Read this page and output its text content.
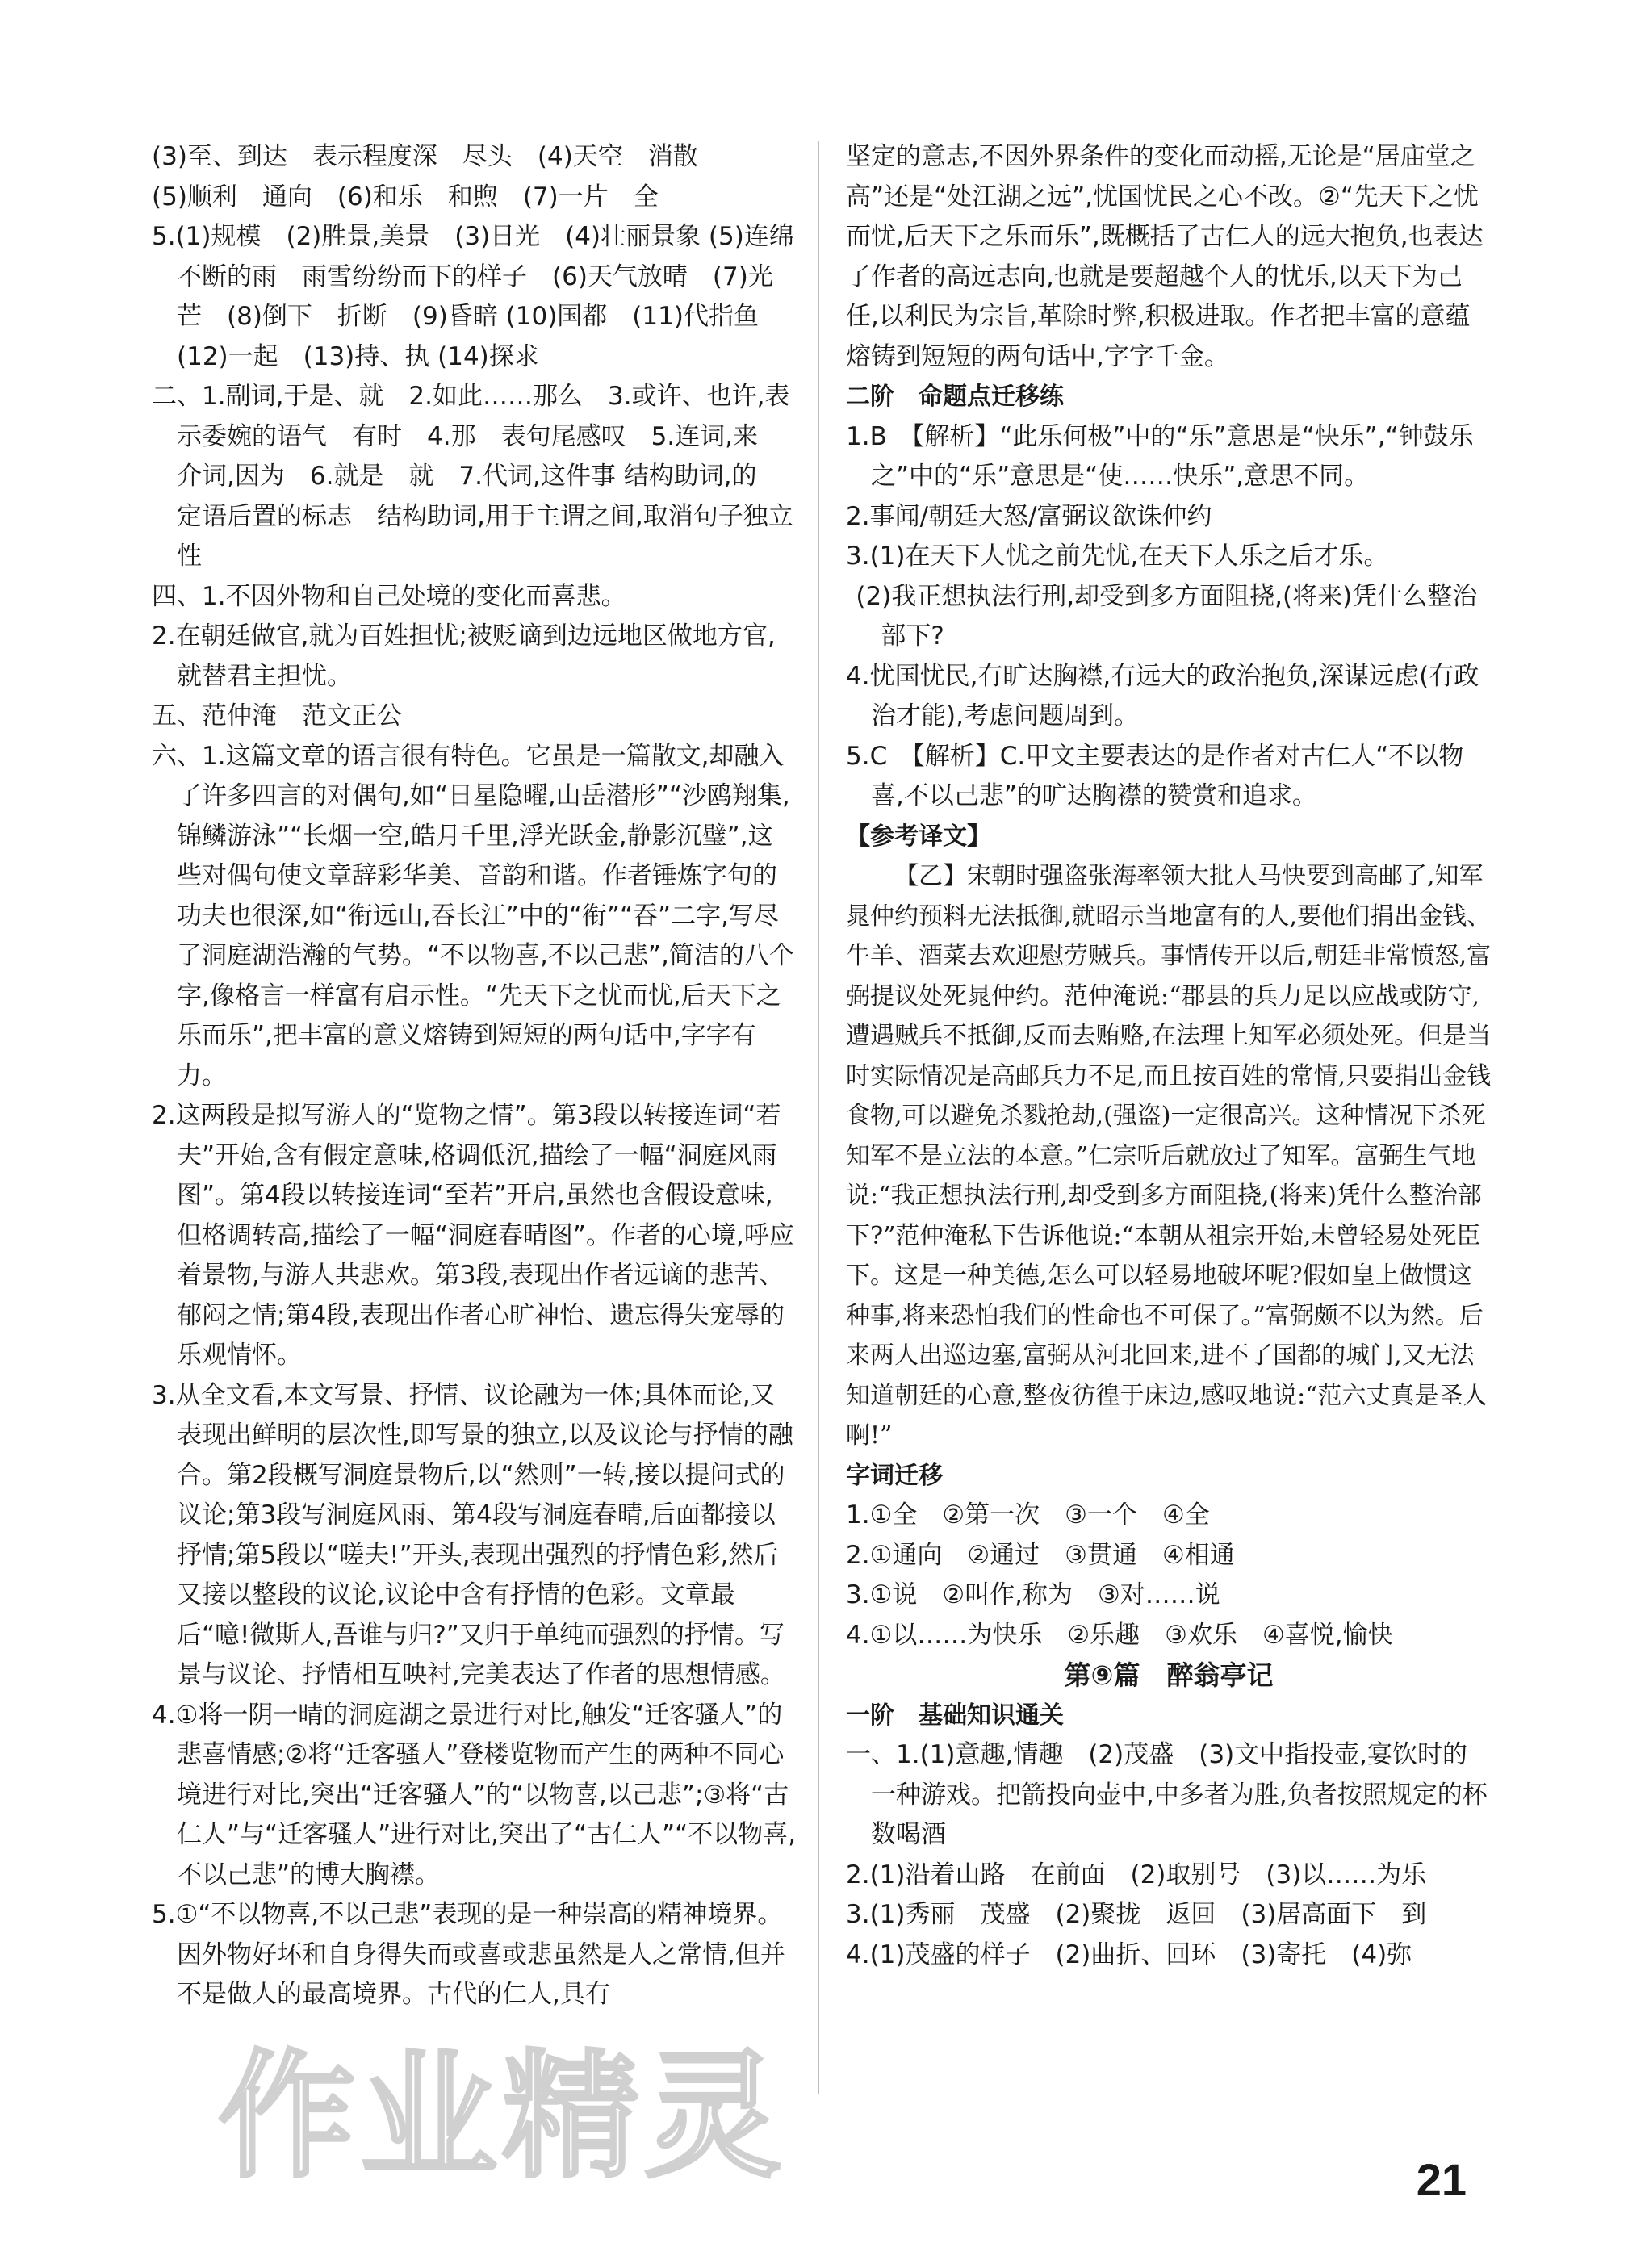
(3)至、到达　表示程度深　尽头　(4)天空　消散

(5)顺利　通向　(6)和乐　和煦　(7)一片　全

5.(1)规模　(2)胜景,美景　(3)日光　(4)壮丽景象 (5)连绵不断的雨　雨雪纷纷而下的样子　(6)天气放晴　(7)光芒　(8)倒下　折断　(9)昏暗 (10)国都　(11)代指鱼　(12)一起　(13)持、执 (14)探求

二、1.副词,于是、就　2.如此……那么　3.或许、也许,表示委婉的语气　有时　4.那　表句尾感叹　5.连词,来　介词,因为　6.就是　就　7.代词,这件事 结构助词,的　定语后置的标志　结构助词,用于主谓之间,取消句子独立性

四、1.不因外物和自己处境的变化而喜悲。

2.在朝廷做官,就为百姓担忧;被贬谪到边远地区做地方官,就替君主担忧。

五、范仲淹　范文正公

六、1.这篇文章的语言很有特色。它虽是一篇散文,却融入了许多四言的对偶句,如“日星隐曜,山岳潜形”“沙鸥翔集,锦鳞游泳”“长烟一空,皓月千里,浮光跃金,静影沉璧”,这些对偶句使文章辞彩华美、音韵和谐。作者锤炼字句的功夫也很深,如“衔远山,吞长江”中的“衔”“吞”二字,写尽了洞庭湖浩瀚的气势。“不以物喜,不以己悲”,简洁的八个字,像格言一样富有启示性。“先天下之忧而忧,后天下之乐而乐”,把丰富的意义熔铸到短短的两句话中,字字有力。

2.这两段是拟写游人的“览物之情”。第3段以转接连词“若夫”开始,含有假定意味,格调低沉,描绘了一幅“洞庭风雨图”。第4段以转接连词“至若”开启,虽然也含假设意味,但格调转高,描绘了一幅“洞庭春晴图”。作者的心境,呼应着景物,与游人共悲欢。第3段,表现出作者远谪的悲苦、郁闷之情;第4段,表现出作者心旷神怡、遗忘得失宠辱的乐观情怀。

3.从全文看,本文写景、抒情、议论融为一体;具体而论,又表现出鲜明的层次性,即写景的独立,以及议论与抒情的融合。第2段概写洞庭景物后,以“然则”一转,接以提问式的议论;第3段写洞庭风雨、第4段写洞庭春晴,后面都接以抒情;第5段以“嗟夫!”开头,表现出强烈的抒情色彩,然后又接以整段的议论,议论中含有抒情的色彩。文章最后“噫!微斯人,吾谁与归?”又归于单纯而强烈的抒情。写景与议论、抒情相互映衬,完美表达了作者的思想情感。

4.①将一阴一晴的洞庭湖之景进行对比,触发“迁客骚人”的悲喜情感;②将“迁客骚人”登楼览物而产生的两种不同心境进行对比,突出“迁客骚人”的“以物喜,以己悲”;③将“古仁人”与“迁客骚人”进行对比,突出了“古仁人”“不以物喜,不以己悲”的博大胸襟。

5.①“不以物喜,不以己悲”表现的是一种崇高的精神境界。因外物好坏和自身得失而或喜或悲虽然是人之常情,但并不是做人的最高境界。古代的仁人,具有

坚定的意志,不因外界条件的变化而动摇,无论是“居庙堂之高”还是“处江湖之远”,忧国忧民之心不改。②“先天下之忧而忧,后天下之乐而乐”,既概括了古仁人的远大抱负,也表达了作者的高远志向,也就是要超越个人的忧乐,以天下为己任,以利民为宗旨,革除时弊,积极进取。作者把丰富的意蕴熔铸到短短的两句话中,字字千金。

二阶　命题点迁移练

1.B　【解析】“此乐何极”中的“乐”意思是“快乐”,“钟鼓乐之”中的“乐”意思是“使……快乐”,意思不同。

2.事闻/朝廷大怒/富弼议欲诛仲约

3.(1)在天下人忧之前先忧,在天下人乐之后才乐。

(2)我正想执法行刑,却受到多方面阻挠,(将来)凭什么整治部下?

4.忧国忧民,有旷达胸襟,有远大的政治抱负,深谋远虑(有政治才能),考虑问题周到。

5.C　【解析】C.甲文主要表达的是作者对古仁人“不以物喜,不以己悲”的旷达胸襟的赞赏和追求。

【参考译文】

【乙】宋朝时强盗张海率领大批人马快要到高邮了,知军晁仲约预料无法抵御,就昭示当地富有的人,要他们捐出金钱、牛羊、酒菜去欢迎慰劳贼兵。事情传开以后,朝廷非常愤怒,富弼提议处死晁仲约。范仲淹说:“郡县的兵力足以应战或防守,遭遇贼兵不抵御,反而去贿赂,在法理上知军必须处死。但是当时实际情况是高邮兵力不足,而且按百姓的常情,只要捐出金钱食物,可以避免杀戮抢劫,(强盗)一定很高兴。这种情况下杀死知军不是立法的本意。”仁宗听后就放过了知军。富弼生气地说:“我正想执法行刑,却受到多方面阻挠,(将来)凭什么整治部下?”范仲淹私下告诉他说:“本朝从祖宗开始,未曾轻易处死臣下。这是一种美德,怎么可以轻易地破坏呢?假如皇上做惯这种事,将来恐怕我们的性命也不可保了。”富弼颇不以为然。后来两人出巡边塞,富弼从河北回来,进不了国都的城门,又无法知道朝廷的心意,整夜彷徨于床边,感叹地说:“范六丈真是圣人啊!”

字词迁移

1.①全　②第一次　③一个　④全

2.①通向　②通过　③贯通　④相通

3.①说　②叫作,称为　③对……说

4.①以……为快乐　②乐趣　③欢乐　④喜悦,愉快

第⑨篇　醉翁亭记

一阶　基础知识通关

一、1.(1)意趣,情趣　(2)茂盛　(3)文中指投壶,宴饮时的一种游戏。把箭投向壶中,中多者为胜,负者按照规定的杯数喝酒

2.(1)沿着山路　在前面　(2)取别号　(3)以……为乐

3.(1)秀丽　茂盛　(2)聚拢　返回　(3)居高面下　到

4.(1)茂盛的样子　(2)曲折、回环　(3)寄托　(4)弥

作业精灵	21
